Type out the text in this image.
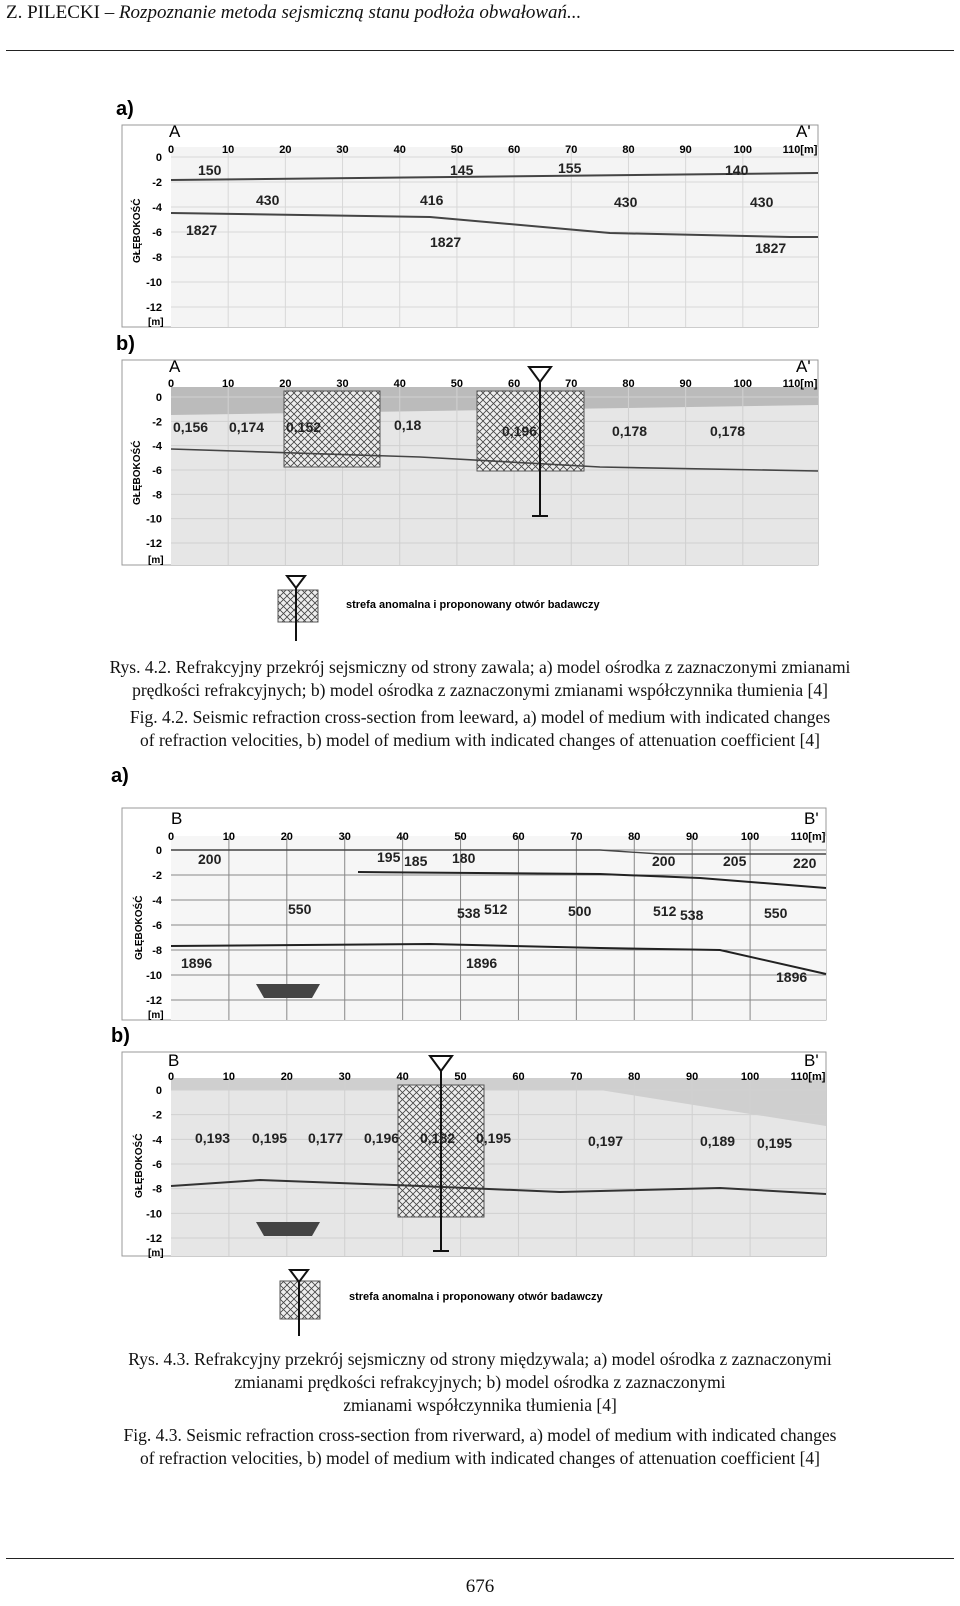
Z. PILECKI – Rozpoznanie metoda sejsmiczną stanu podłoża obwałowań...
a)
A	A'
0	10	20	30	40	50	60	70	80	90	100	110[m]
0
-2
-4
-6
-8
-10
-12
[m]
GŁĘBOKOŚĆ
150	145	155	140
430	416	430	430
1827
1827	1827
b)
A	A'
0	10	20	30	40	50	60	70	80	90	100	110[m]
0
-2
-4
-6
-8
-10
-12
[m]
GŁĘBOKOŚĆ
0,156 0,174 0,152	0,18	0,196	0,178	0,178
strefa anomalna i proponowany otwór badawczy
Rys. 4.2. Refrakcyjny przekrój sejsmiczny od strony zawala; a) model ośrodka z zaznaczonymi zmianami
prędkości refrakcyjnych; b) model ośrodka z zaznaczonymi zmianami współczynnika tłumienia [4]
Fig. 4.2. Seismic refraction cross-section from leeward, a) model of medium with indicated changes
of refraction velocities, b) model of medium with indicated changes of attenuation coefficient [4]
a)
B	B'
0	10	20	30	40	50	60	70	80	90	100	110[m]
0
-2
-4
-6
-8
-10
-12
[m]
GŁĘBOKOŚĆ
200	195 185 180	200	205	220
550	538 512	500	512 538	550
1896	1896
1896
b)
B	B'
0	10	20	30	40	50	60	70	80	90	100	110[m]
0
-2
-4
-6
-8
-10
-12
[m]
GŁĘBOKOŚĆ	0,193 0,195 0,177 0,196 0,182 0,195	0,197	0,189 0,195
strefa anomalna i proponowany otwór badawczy
Rys. 4.3. Refrakcyjny przekrój sejsmiczny od strony międzywala; a) model ośrodka z zaznaczonymi
zmianami prędkości refrakcyjnych; b) model ośrodka z zaznaczonymi
zmianami współczynnika tłumienia [4]
Fig. 4.3. Seismic refraction cross-section from riverward, a) model of medium with indicated changes
of refraction velocities, b) model of medium with indicated changes of attenuation coefficient [4]
676
